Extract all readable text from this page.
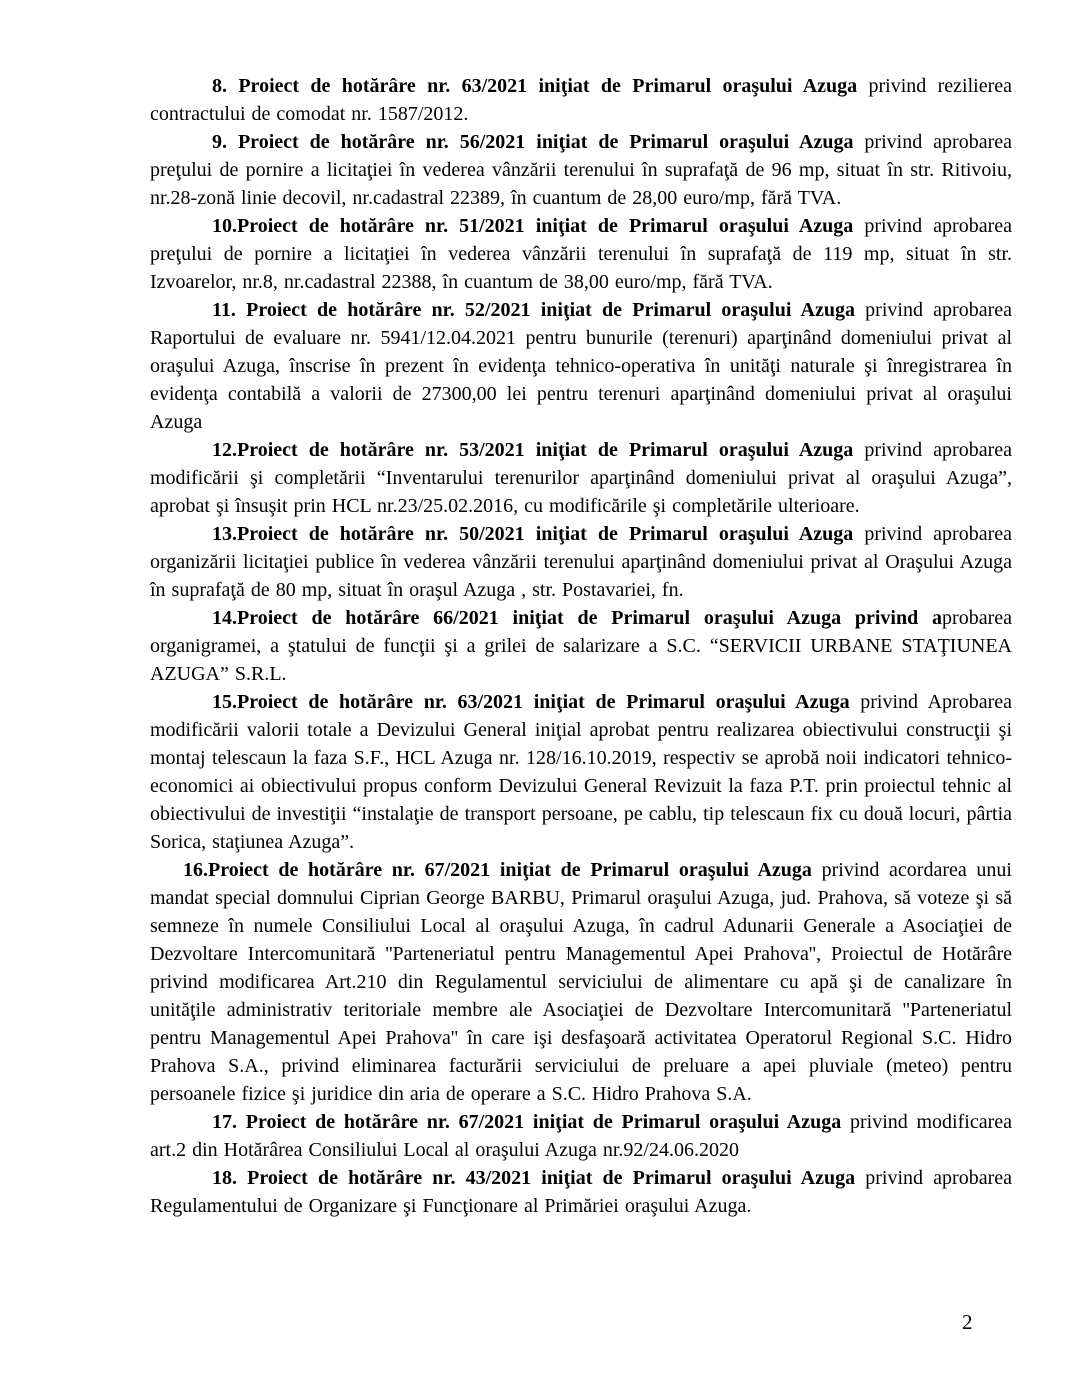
8. Proiect de hotărâre nr. 63/2021 iniţiat de Primarul oraşului Azuga privind rezilierea contractului de comodat nr. 1587/2012.

9. Proiect de hotărâre nr. 56/2021 iniţiat de Primarul oraşului Azuga privind aprobarea preţului de pornire a licitaţiei în vederea vânzării terenului în suprafaţă de 96 mp, situat în str. Ritivoiu, nr.28-zonă linie decovil, nr.cadastral 22389, în cuantum de 28,00 euro/mp, fără TVA.

10.Proiect de hotărâre nr. 51/2021 iniţiat de Primarul oraşului Azuga privind aprobarea preţului de pornire a licitaţiei în vederea vânzării terenului în suprafaţă de 119 mp, situat în str. Izvoarelor, nr.8, nr.cadastral 22388, în cuantum de 38,00 euro/mp, fără TVA.

11. Proiect de hotărâre nr. 52/2021 iniţiat de Primarul oraşului Azuga privind aprobarea Raportului de evaluare nr. 5941/12.04.2021 pentru bunurile (terenuri) aparţinând domeniului privat al oraşului Azuga, înscrise în prezent în evidenţa tehnico-operativa în unităţi naturale şi înregistrarea în evidenţa contabilă a valorii de 27300,00 lei pentru terenuri aparţinând domeniului privat al oraşului Azuga

12.Proiect de hotărâre nr. 53/2021 iniţiat de Primarul oraşului Azuga privind aprobarea modificării şi completării “Inventarului terenurilor aparţinând domeniului privat al oraşului Azuga”, aprobat şi însuşit prin HCL nr.23/25.02.2016, cu modificările şi completările ulterioare.

13.Proiect de hotărâre nr. 50/2021 iniţiat de Primarul oraşului Azuga privind aprobarea organizării licitaţiei publice în vederea vânzării terenului aparţinând domeniului privat al Oraşului Azuga în suprafaţă de 80 mp, situat în oraşul Azuga , str. Postavariei, fn.

14.Proiect de hotărâre 66/2021 iniţiat de Primarul oraşului Azuga privind aprobarea organigramei, a ştatului de funcţii şi a grilei de salarizare a S.C. “SERVICII URBANE STAŢIUNEA AZUGA” S.R.L.

15.Proiect de hotărâre nr. 63/2021 iniţiat de Primarul oraşului Azuga privind Aprobarea modificării valorii totale a Devizului General iniţial aprobat pentru realizarea obiectivului construcţii şi montaj telescaun la faza S.F., HCL Azuga nr. 128/16.10.2019, respectiv se aprobă noii indicatori tehnico-economici ai obiectivului propus conform Devizului General Revizuit la faza P.T. prin proiectul tehnic al obiectivului de investiţii “instalaţie de transport persoane, pe cablu, tip telescaun fix cu două locuri, pârtia Sorica, staţiunea Azuga”.

16.Proiect de hotărâre nr. 67/2021 iniţiat de Primarul oraşului Azuga privind acordarea unui mandat special domnului Ciprian George BARBU, Primarul oraşului Azuga, jud. Prahova, să voteze şi să semneze în numele Consiliului Local al oraşului Azuga, în cadrul Adunarii Generale a Asociaţiei de Dezvoltare Intercomunitară ''Parteneriatul pentru Managementul Apei Prahova'', Proiectul de Hotărâre privind modificarea Art.210 din Regulamentul serviciului de alimentare cu apă şi de canalizare în unităţile administrativ teritoriale membre ale Asociaţiei de Dezvoltare Intercomunitară ''Parteneriatul pentru Managementul Apei Prahova'' în care işi desfaşoară activitatea Operatorul Regional S.C. Hidro Prahova S.A., privind eliminarea facturării serviciului de preluare a apei pluviale (meteo) pentru persoanele fizice şi juridice din aria de operare a S.C. Hidro Prahova S.A.

17. Proiect de hotărâre nr. 67/2021 iniţiat de Primarul oraşului Azuga privind modificarea art.2 din Hotărârea Consiliului Local al oraşului Azuga nr.92/24.06.2020

18. Proiect de hotărâre nr. 43/2021 iniţiat de Primarul oraşului Azuga privind aprobarea Regulamentului de Organizare şi Funcţionare al Primăriei oraşului Azuga.

2
